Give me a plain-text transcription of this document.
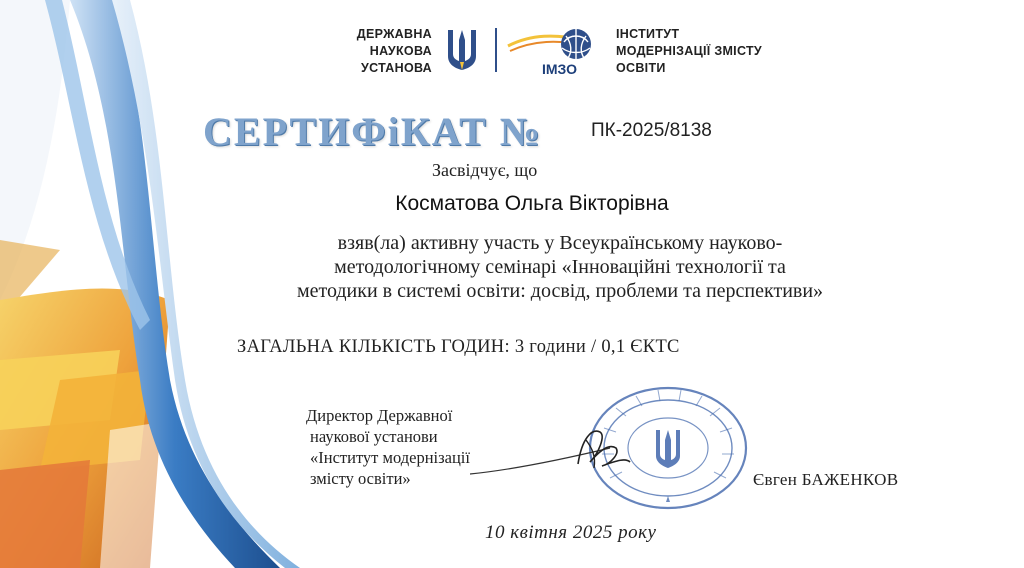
ДЕРЖАВНА
НАУКОВА
УСТАНОВА	ІМЗО
ІНСТИТУТ
МОДЕРНІЗАЦІЇ ЗМІСТУ
ОСВІТИ
СЕРТИФіКАТ №	ПК-2025/8138
Засвідчує, що
Косматова Ольга Вікторівна
взяв(ла) активну участь у Всеукраїнському науково-
методологічному семінарі «Інноваційні технології та
методики в системі освіти: досвід, проблеми та перспективи»
ЗАГАЛЬНА КІЛЬКІСТЬ ГОДИН: 3 години / 0,1 ЄКТС
Директор Державної
наукової установи
«Інститут модернізації
змісту освіти»	Євген БАЖЕНКОВ
10 квітня 2025 року
